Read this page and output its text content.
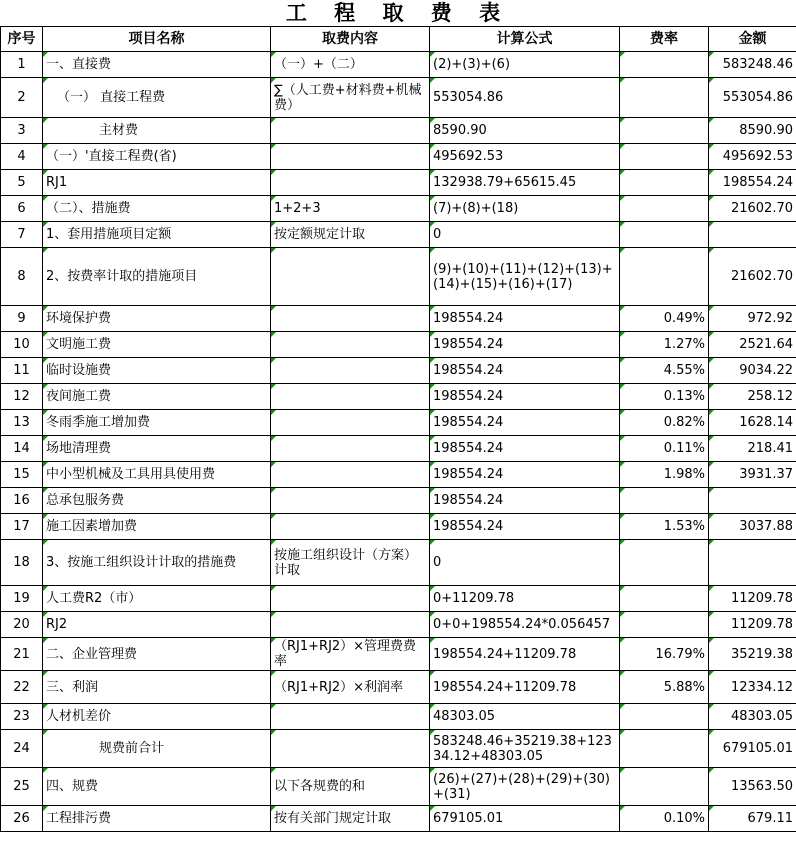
工 程 取 费 表
序号	项目名称	取费内容	计算公式	费率	金额
1	一、直接费	（一）+（二）	(2)+(3)+(6)		583248.46
2	（一） 直接工程费	∑（人工费+材料费+机械费）	553054.86		553054.86
3	主材费		8590.90		8590.90
4	（一）'直接工程费(省)		495692.53		495692.53
5	RJ1		132938.79+65615.45		198554.24
6	（二）、措施费	1+2+3	(7)+(8)+(18)		21602.70
7	1、套用措施项目定额	按定额规定计取	0		
8	2、按费率计取的措施项目		(9)+(10)+(11)+(12)+(13)+(14)+(15)+(16)+(17)		21602.70
9	环境保护费		198554.24	0.49%	972.92
10	文明施工费		198554.24	1.27%	2521.64
11	临时设施费		198554.24	4.55%	9034.22
12	夜间施工费		198554.24	0.13%	258.12
13	冬雨季施工增加费		198554.24	0.82%	1628.14
14	场地清理费		198554.24	0.11%	218.41
15	中小型机械及工具用具使用费		198554.24	1.98%	3931.37
16	总承包服务费		198554.24		
17	施工因素增加费		198554.24	1.53%	3037.88
18	3、按施工组织设计计取的措施费	按施工组织设计（方案）计取	0		
19	人工费R2（市）		0+11209.78		11209.78
20	RJ2		0+0+198554.24*0.056457		11209.78
21	二、企业管理费	（RJ1+RJ2）×管理费费率	198554.24+11209.78	16.79%	35219.38
22	三、利润	（RJ1+RJ2）×利润率	198554.24+11209.78	5.88%	12334.12
23	人材机差价		48303.05		48303.05
24	规费前合计		583248.46+35219.38+12334.12+48303.05		679105.01
25	四、规费	以下各规费的和	(26)+(27)+(28)+(29)+(30)+(31)		13563.50
26	工程排污费	按有关部门规定计取	679105.01	0.10%	679.11
